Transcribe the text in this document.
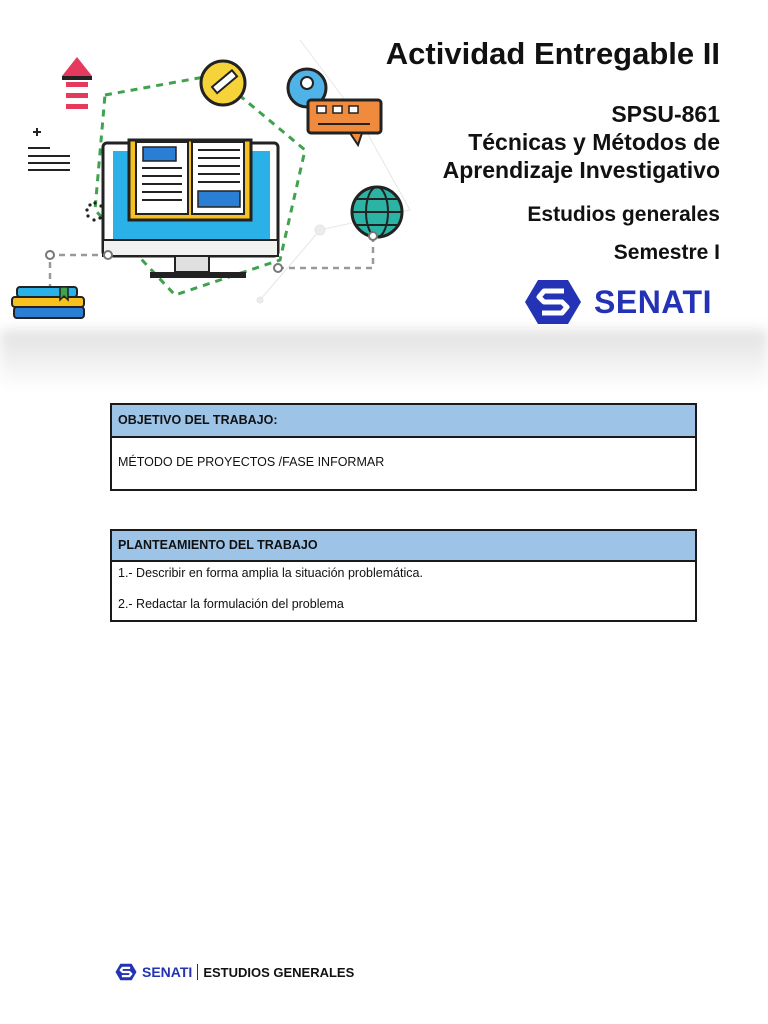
Actividad Entregable II
SPSU-861
Técnicas y Métodos de
Aprendizaje Investigativo
Estudios generales
Semestre I
SENATI
OBJETIVO DEL TRABAJO:
MÉTODO DE PROYECTOS /FASE INFORMAR
PLANTEAMIENTO DEL TRABAJO
1.- Describir en forma amplia la situación problemática.
2.- Redactar la formulación del problema
SENATI ESTUDIOS GENERALES
